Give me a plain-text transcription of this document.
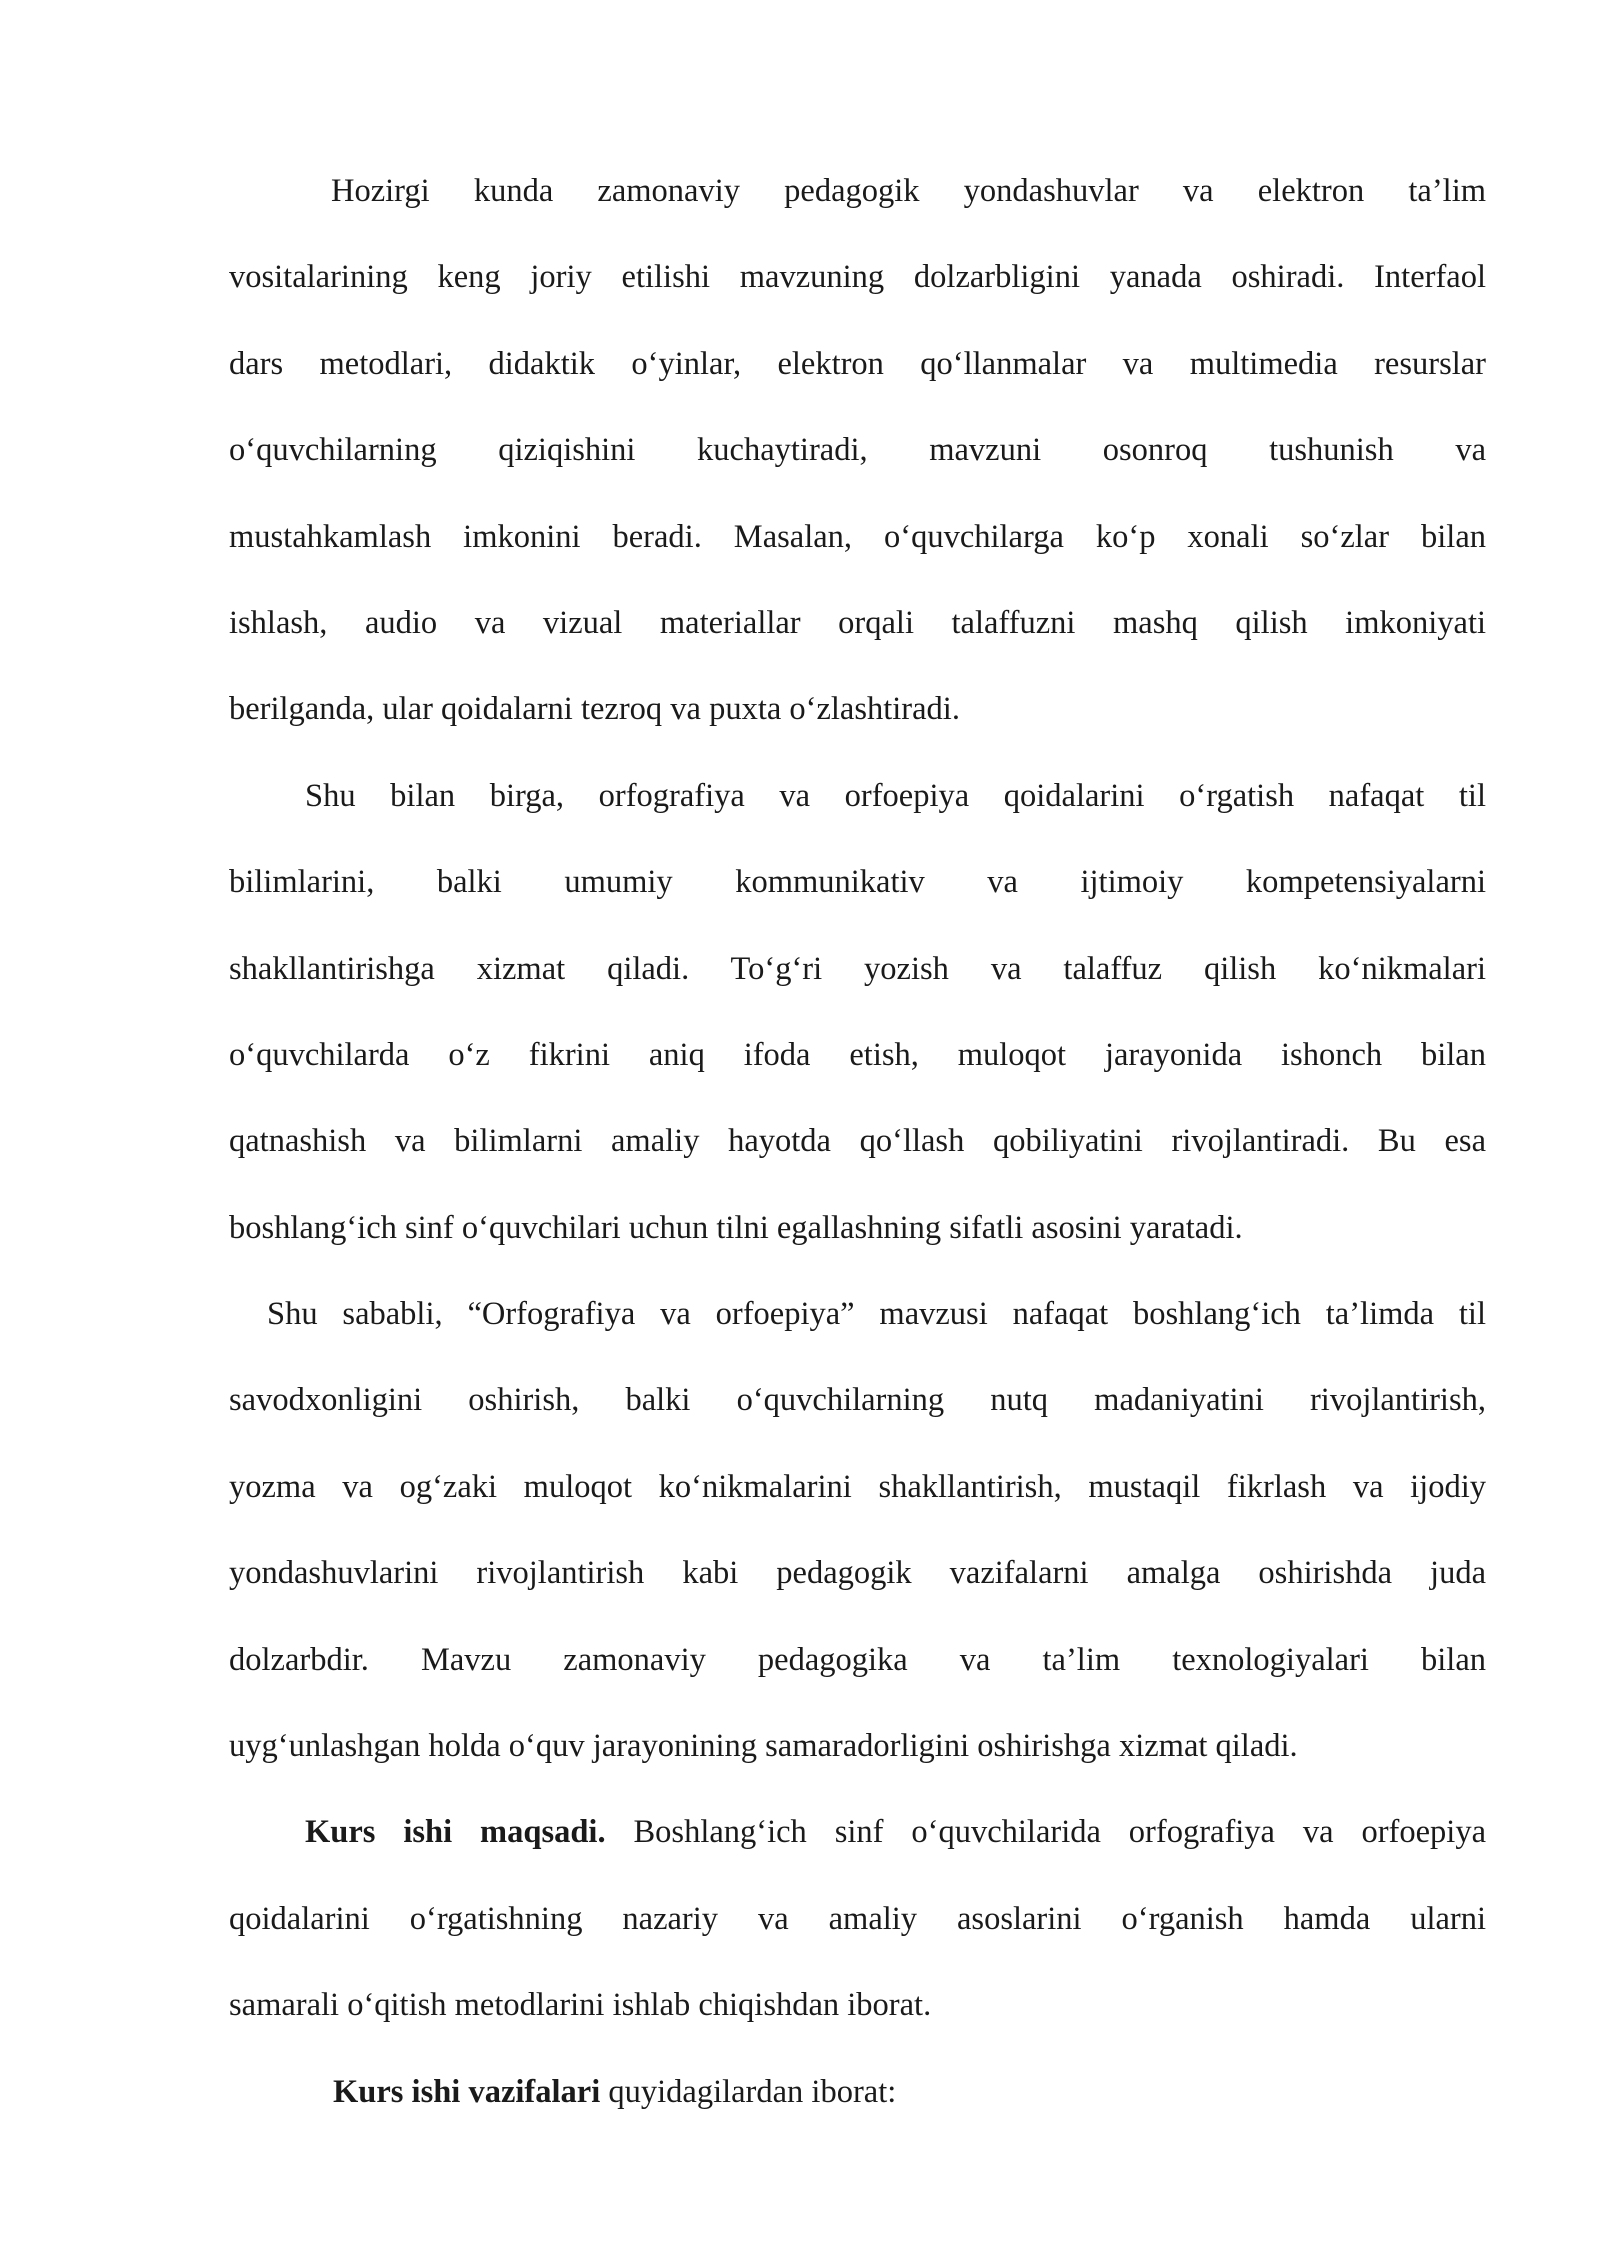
Hozirgi kunda zamonaviy pedagogik yondashuvlar va elektron ta’lim
vositalarining keng joriy etilishi mavzuning dolzarbligini yanada oshiradi. Interfaol
dars metodlari, didaktik oʻyinlar, elektron qoʻllanmalar va multimedia resurslar
oʻquvchilarning qiziqishini kuchaytiradi, mavzuni osonroq tushunish va
mustahkamlash imkonini beradi. Masalan, oʻquvchilarga koʻp xonali soʻzlar bilan
ishlash, audio va vizual materiallar orqali talaffuzni mashq qilish imkoniyati
berilganda, ular qoidalarni tezroq va puxta oʻzlashtiradi.
Shu bilan birga, orfografiya va orfoepiya qoidalarini oʻrgatish nafaqat til
bilimlarini, balki umumiy kommunikativ va ijtimoiy kompetensiyalarni
shakllantirishga xizmat qiladi. Toʻgʻri yozish va talaffuz qilish koʻnikmalari
oʻquvchilarda oʻz fikrini aniq ifoda etish, muloqot jarayonida ishonch bilan
qatnashish va bilimlarni amaliy hayotda qoʻllash qobiliyatini rivojlantiradi. Bu esa
boshlangʻich sinf oʻquvchilari uchun tilni egallashning sifatli asosini yaratadi.
Shu sababli, “Orfografiya va orfoepiya” mavzusi nafaqat boshlangʻich ta’limda til
savodxonligini oshirish, balki oʻquvchilarning nutq madaniyatini rivojlantirish,
yozma va ogʻzaki muloqot koʻnikmalarini shakllantirish, mustaqil fikrlash va ijodiy
yondashuvlarini rivojlantirish kabi pedagogik vazifalarni amalga oshirishda juda
dolzarbdir. Mavzu zamonaviy pedagogika va ta’lim texnologiyalari bilan
uygʻunlashgan holda oʻquv jarayonining samaradorligini oshirishga xizmat qiladi.
Kurs ishi maqsadi. Boshlangʻich sinf oʻquvchilarida orfografiya va orfoepiya
qoidalarini oʻrgatishning nazariy va amaliy asoslarini oʻrganish hamda ularni
samarali oʻqitish metodlarini ishlab chiqishdan iborat.
Kurs ishi vazifalari quyidagilardan iborat:
